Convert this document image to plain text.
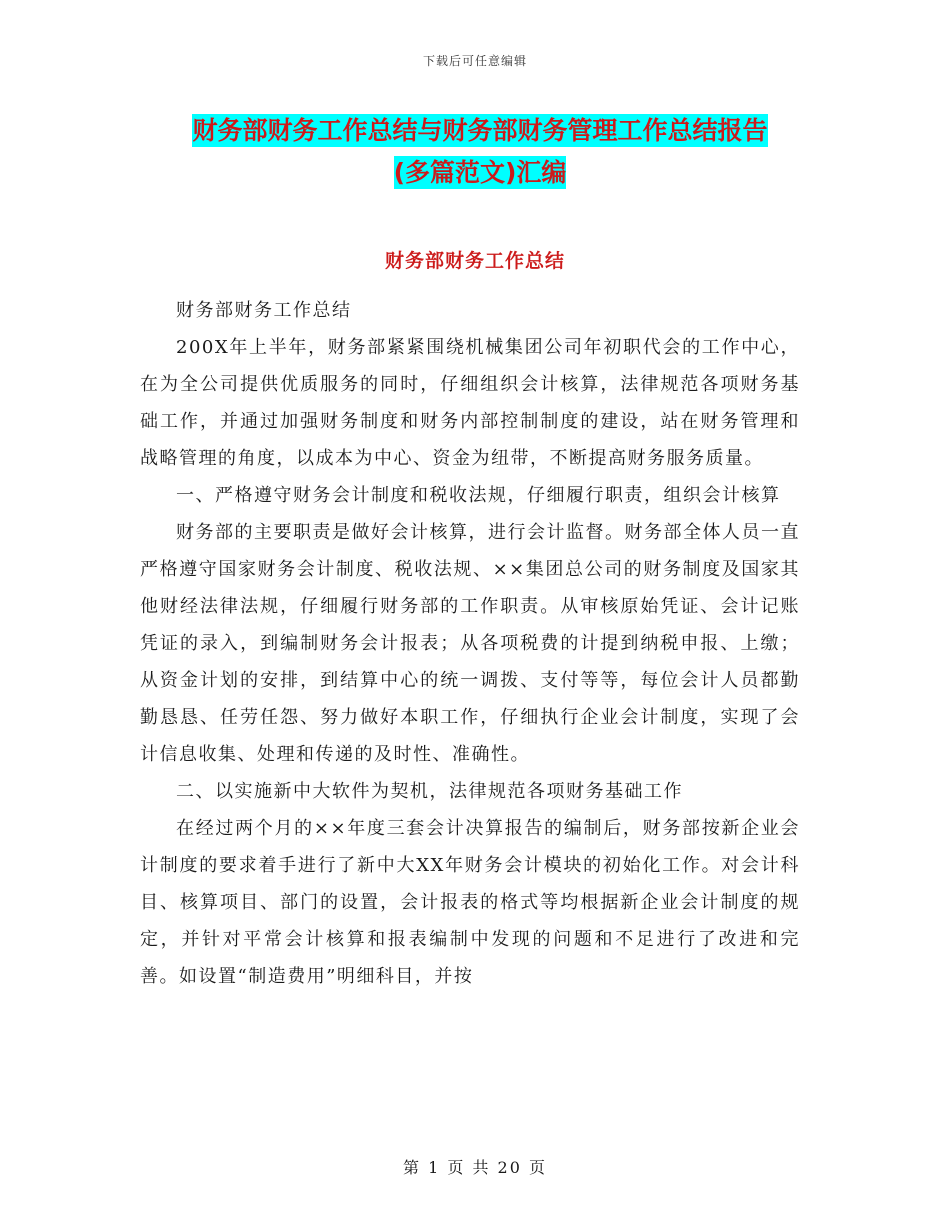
下载后可任意编辑
财务部财务工作总结与财务部财务管理工作总结报告
(多篇范文)汇编
财务部财务工作总结

财务部财务工作总结

200X年上半年，财务部紧紧围绕机械集团公司年初职代会的工作中心，在为全公司提供优质服务的同时，仔细组织会计核算，法律规范各项财务基础工作，并通过加强财务制度和财务内部控制制度的建设，站在财务管理和战略管理的角度，以成本为中心、资金为纽带，不断提高财务服务质量。

一、严格遵守财务会计制度和税收法规，仔细履行职责，组织会计核算

财务部的主要职责是做好会计核算，进行会计监督。财务部全体人员一直严格遵守国家财务会计制度、税收法规、××集团总公司的财务制度及国家其他财经法律法规，仔细履行财务部的工作职责。从审核原始凭证、会计记账凭证的录入，到编制财务会计报表；从各项税费的计提到纳税申报、上缴；从资金计划的安排，到结算中心的统一调拨、支付等等，每位会计人员都勤勤恳恳、任劳任怨、努力做好本职工作，仔细执行企业会计制度，实现了会计信息收集、处理和传递的及时性、准确性。

二、以实施新中大软件为契机，法律规范各项财务基础工作

在经过两个月的××年度三套会计决算报告的编制后，财务部按新企业会计制度的要求着手进行了新中大XX年财务会计模块的初始化工作。对会计科目、核算项目、部门的设置，会计报表的格式等均根据新企业会计制度的规定，并针对平常会计核算和报表编制中发现的问题和不足进行了改进和完善。如设置“制造费用”明细科目，并按

第 1 页 共 20 页
